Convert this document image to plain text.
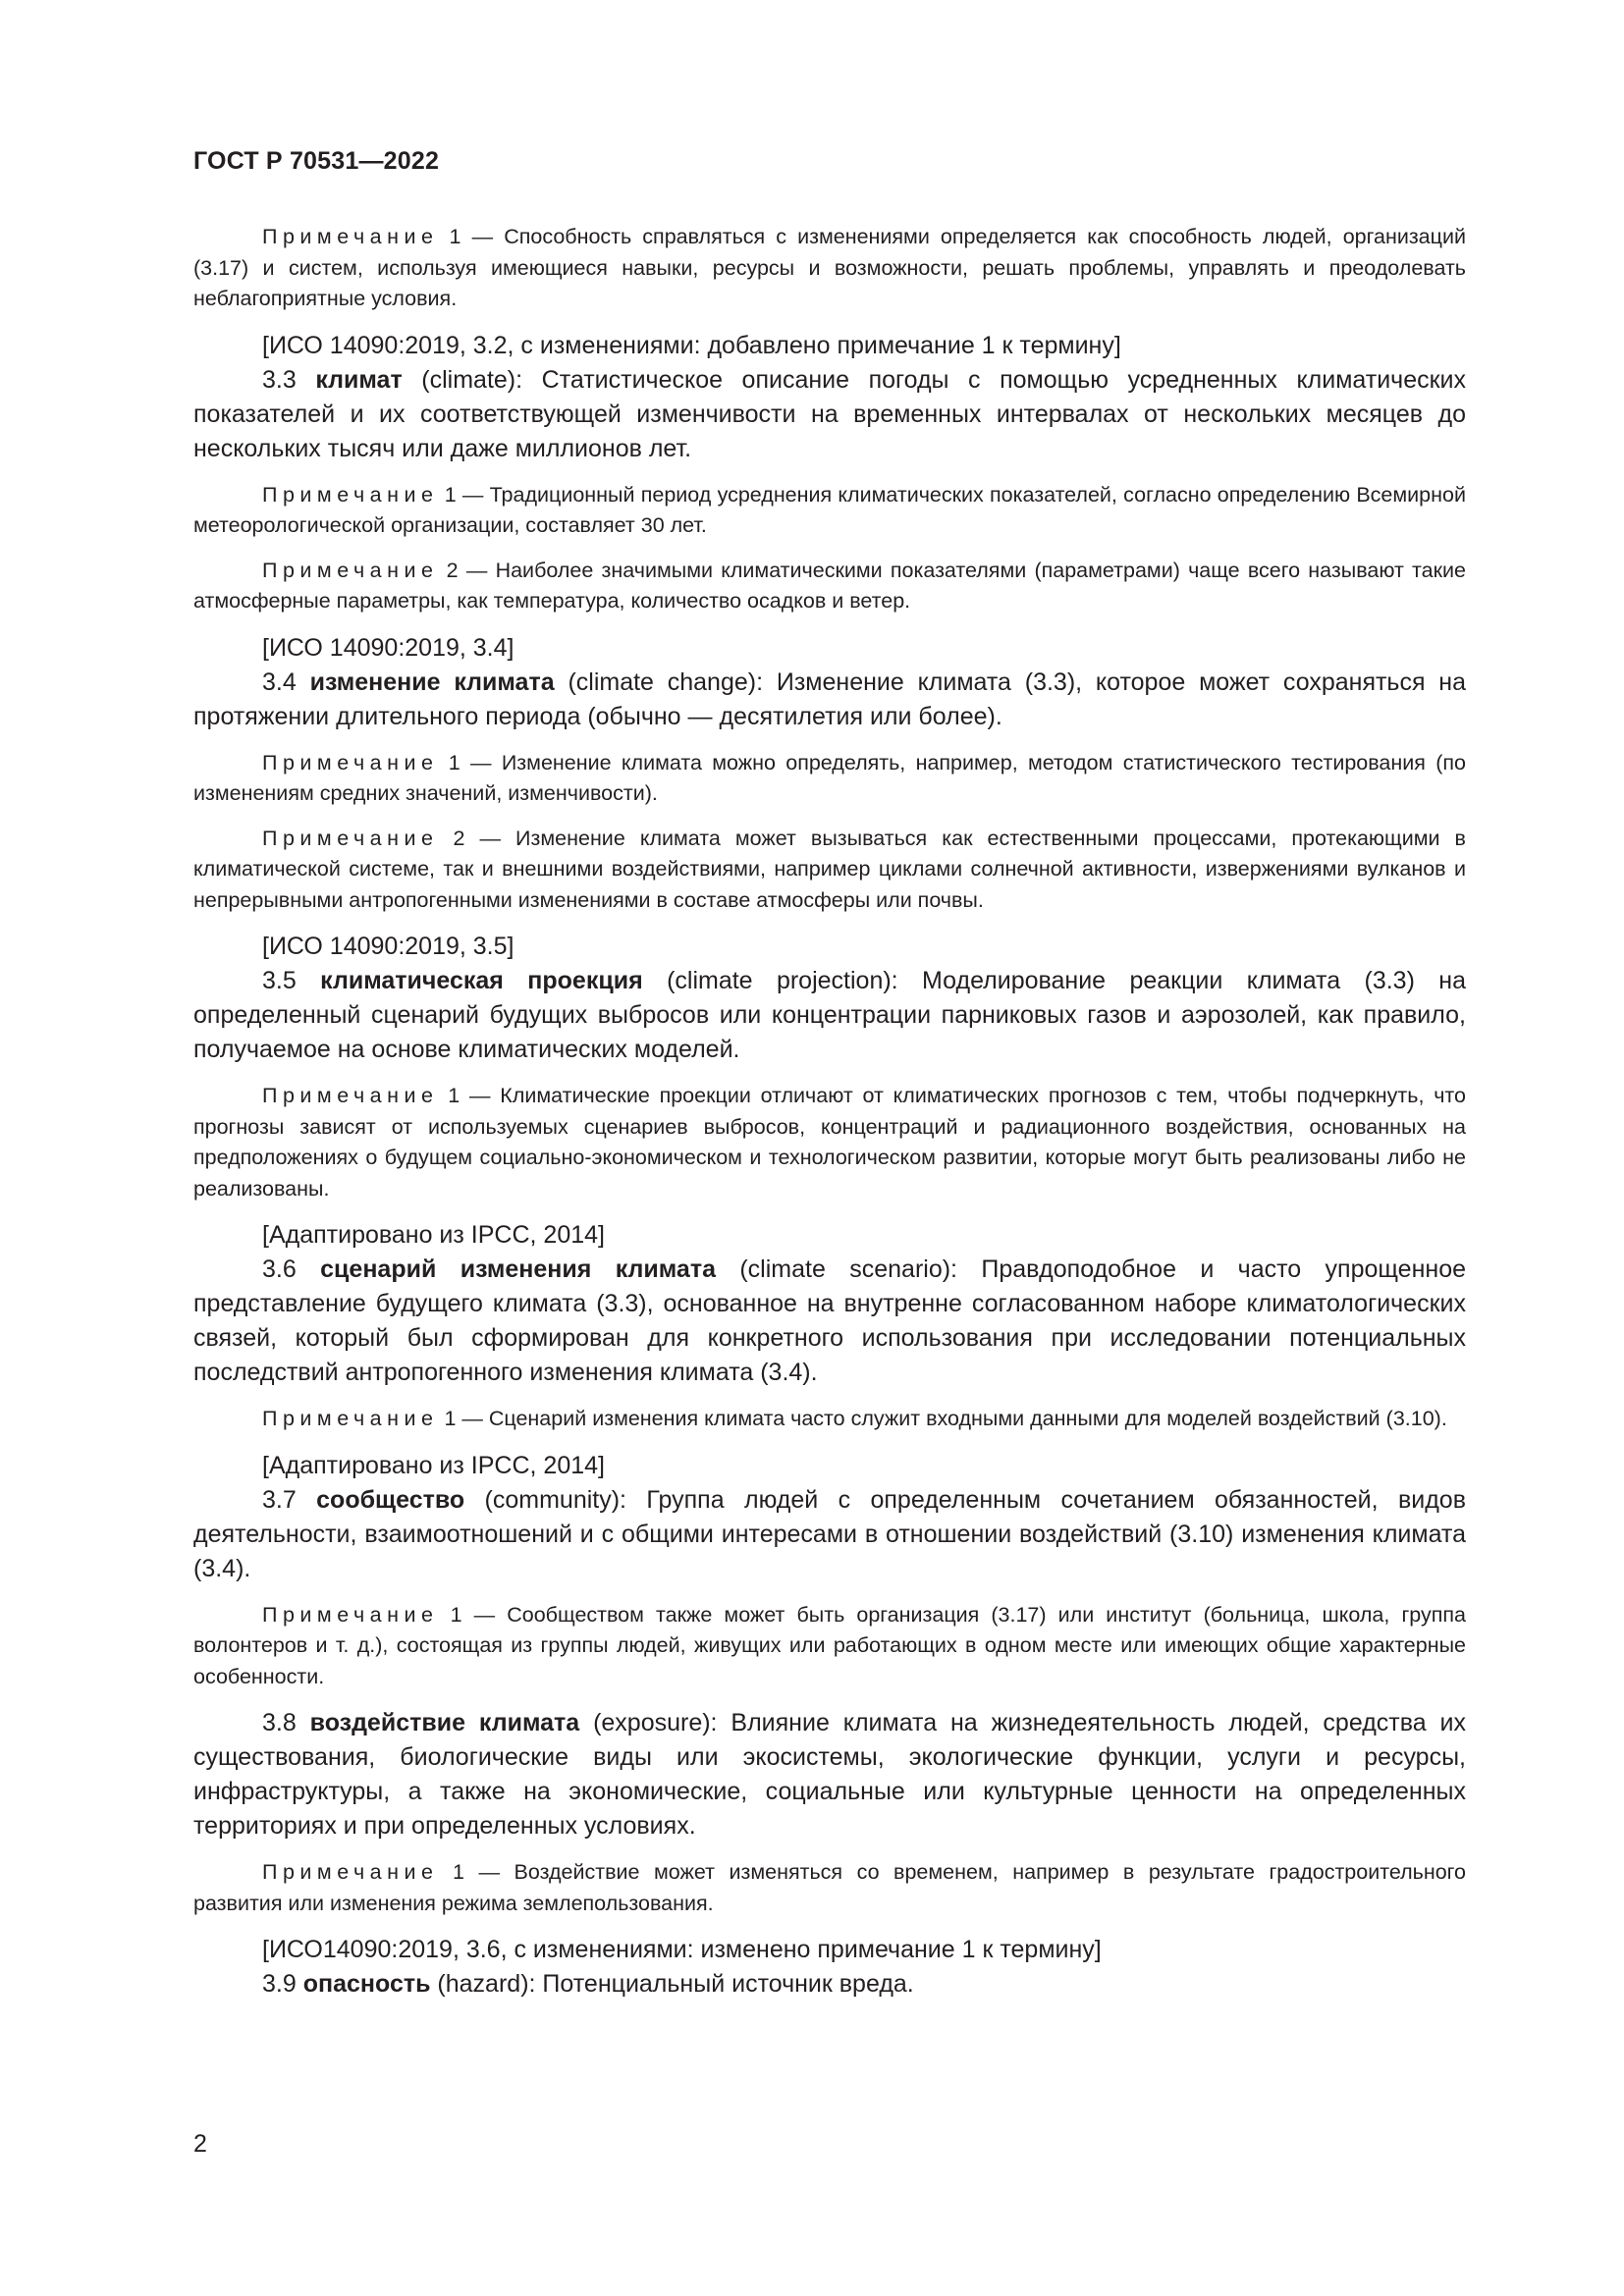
ГОСТ Р 70531—2022

Примечание 1 — Способность справляться с изменениями определяется как способность людей, организаций (3.17) и систем, используя имеющиеся навыки, ресурсы и возможности, решать проблемы, управлять и преодолевать неблагоприятные условия.

[ИСО 14090:2019, 3.2, с изменениями: добавлено примечание 1 к термину]

3.3 климат (climate): Статистическое описание погоды с помощью усредненных климатических показателей и их соответствующей изменчивости на временных интервалах от нескольких месяцев до нескольких тысяч или даже миллионов лет.

Примечание 1 — Традиционный период усреднения климатических показателей, согласно определению Всемирной метеорологической организации, составляет 30 лет.

Примечание 2 — Наиболее значимыми климатическими показателями (параметрами) чаще всего называют такие атмосферные параметры, как температура, количество осадков и ветер.

[ИСО 14090:2019, 3.4]

3.4 изменение климата (climate change): Изменение климата (3.3), которое может сохраняться на протяжении длительного периода (обычно — десятилетия или более).

Примечание 1 — Изменение климата можно определять, например, методом статистического тестирования (по изменениям средних значений, изменчивости).

Примечание 2 — Изменение климата может вызываться как естественными процессами, протекающими в климатической системе, так и внешними воздействиями, например циклами солнечной активности, извержениями вулканов и непрерывными антропогенными изменениями в составе атмосферы или почвы.

[ИСО 14090:2019, 3.5]

3.5 климатическая проекция (climate projection): Моделирование реакции климата (3.3) на определенный сценарий будущих выбросов или концентрации парниковых газов и аэрозолей, как правило, получаемое на основе климатических моделей.

Примечание 1 — Климатические проекции отличают от климатических прогнозов с тем, чтобы подчеркнуть, что прогнозы зависят от используемых сценариев выбросов, концентраций и радиационного воздействия, основанных на предположениях о будущем социально-экономическом и технологическом развитии, которые могут быть реализованы либо не реализованы.

[Адаптировано из IPCC, 2014]

3.6 сценарий изменения климата (climate scenario): Правдоподобное и часто упрощенное представление будущего климата (3.3), основанное на внутренне согласованном наборе климатологических связей, который был сформирован для конкретного использования при исследовании потенциальных последствий антропогенного изменения климата (3.4).

Примечание 1 — Сценарий изменения климата часто служит входными данными для моделей воздействий (3.10).

[Адаптировано из IPCC, 2014]

3.7 сообщество (community): Группа людей с определенным сочетанием обязанностей, видов деятельности, взаимоотношений и с общими интересами в отношении воздействий (3.10) изменения климата (3.4).

Примечание 1 — Сообществом также может быть организация (3.17) или институт (больница, школа, группа волонтеров и т. д.), состоящая из группы людей, живущих или работающих в одном месте или имеющих общие характерные особенности.

3.8 воздействие климата (exposure): Влияние климата на жизнедеятельность людей, средства их существования, биологические виды или экосистемы, экологические функции, услуги и ресурсы, инфраструктуры, а также на экономические, социальные или культурные ценности на определенных территориях и при определенных условиях.

Примечание 1 — Воздействие может изменяться со временем, например в результате градостроительного развития или изменения режима землепользования.

[ИСО14090:2019, 3.6, с изменениями: изменено примечание 1 к термину]

3.9 опасность (hazard): Потенциальный источник вреда.

2
